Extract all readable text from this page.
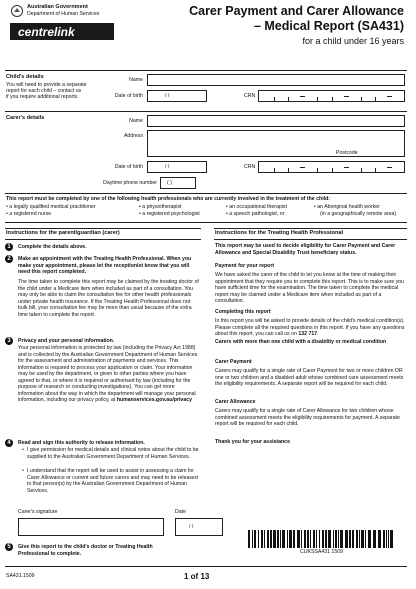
Australian Government
Department of Human Services
centrelink
Carer Payment and Carer Allowance
– Medical Report (SA431)
for a child under 16 years
Child's details
You will need to provide a separate
report for each child – contact us
if you require additional reports.
Name
Date of birth	/ /	CRN
Carer's details	Name
Address
Postcode
Date of birth	/ /	CRN
Daytime phone number ( )
This report must be completed by one of the following health professionals who are currently involved in the treatment of the child:
• a legally qualified medical practitioner
• a registered nurse
• a physiotherapist
• a registered psychologist
• an occupational therapist
• a speech pathologist, or
• an Aboriginal health worker
(in a geographically remote area)
Instructions for the parent/guardian (carer)
1	Complete the details above.
2	Make an appointment with the Treating Health Professional. When you make your appointment, please let the receptionist know that you will need this report completed.
The time taken to complete this report may be claimed by the treating doctor of the child under a Medicare item when included as part of a consultation. You may only be able to claim the consultation fee for other health professionals under private health insurance. If the Treating Health Professional does not bulk bill, your consultation fee may be more than usual because of the extra time taken to complete the report.
3	Privacy and your personal information.
Your personal information is protected by law (including the Privacy Act 1988) and is collected by the Australian Government Department of Human Services for the assessment and administration of payments and services. This information is required to process your application or claim. Your information may be used by the department, or given to other parties where you have agreed to that, or where it is required or authorised by law (including for the purpose of research or conducting investigations). You can get more information about the way in which the department will manage your personal information, including our privacy policy, at humanservices.gov.au/privacy
4	Read and sign this authority to release information.
• I give permission for medical details and clinical notes about the child to be supplied to the Australian Government Department of Human Services.
• I understand that the report will be used to assist in assessing a claim for Carer Allowance or current and future carers and may need to be released to that person(s) by the Australian Government Department of Human Services.
Carer's signature	Date
/ /
5	Give this report to the child's doctor or Treating Health Professional to complete.
Instructions for the Treating Health Professional
This report may be used to decide eligibility for Carer Payment and Carer Allowance and Special Disability Trust beneficiary status.
Payment for your report
We have asked the carer of the child to let you know at the time of making their appointment that they require you to complete this report. This is to make sure you have sufficient time for the examination. The time taken to complete the medical report may be claimed under a Medicare item when included as part of a consultation.
Completing this report
In this report you will be asked to provide details of the child's medical condition(s). Please complete all the required questions in this report. If you have any questions about this report, you can call us on 132 717.
Carers with more than one child with a disability or medical condition
Carer Payment
Carers may qualify for a single rate of Carer Payment for two or more children OR one or two children and a disabled adult whose combined care assessment meets the eligibility requirements. A separate report will be required for each child.
Carer Allowance
Carers may qualify for a single rate of Carer Allowance for two children whose combined assessment meets the eligibility requirements for payment. A separate report will be required for each child.
Thank you for your assistance
CUKSSA431 1509
SA431.1509	1 of 13
